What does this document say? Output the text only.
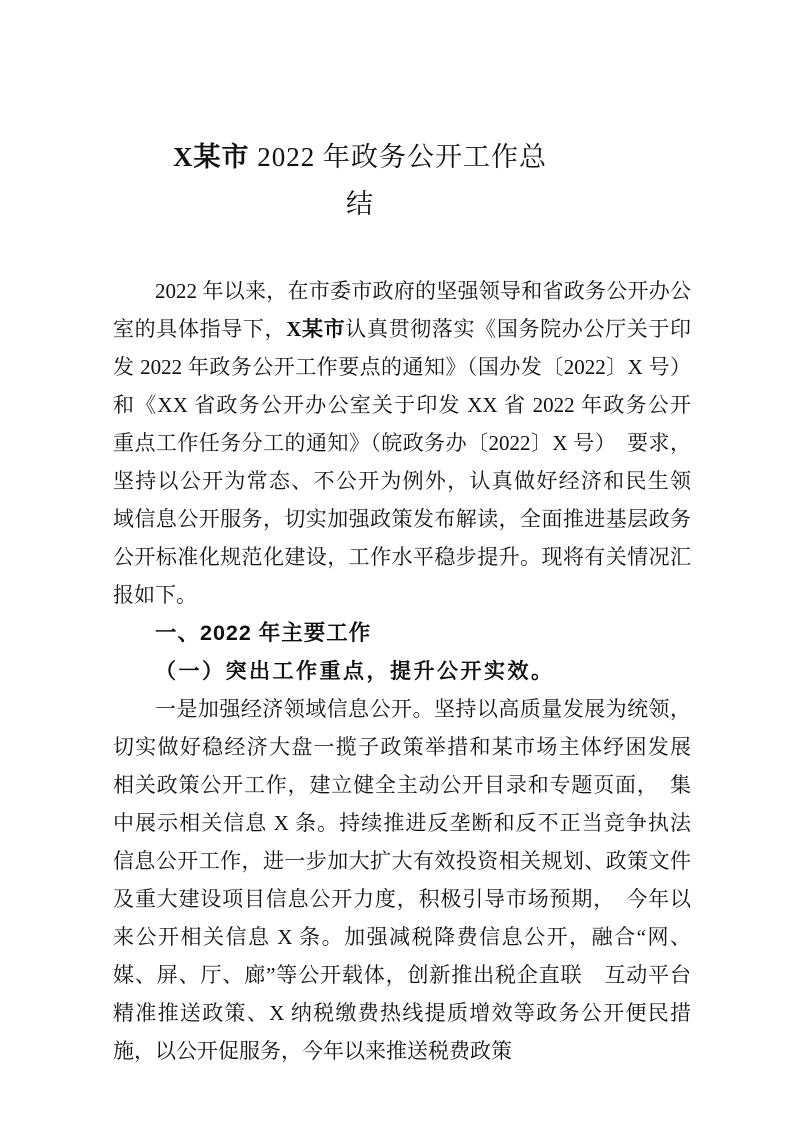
X某市 2022 年政务公开工作总
结
2022 年以来，在市委市政府的坚强领导和省政务公开办公
室的具体指导下，X某市认真贯彻落实《国务院办公厅关于印
发 2022 年政务公开工作要点的通知》（国办发〔2022〕X 号）
和《XX 省政务公开办公室关于印发 XX 省 2022 年政务公开
重点工作任务分工的通知》（皖政务办〔2022〕X 号）　要求，
坚持以公开为常态、不公开为例外，认真做好经济和民生领
域信息公开服务，切实加强政策发布解读，全面推进基层政务
公开标准化规范化建设，工作水平稳步提升。现将有关情况汇
报如下。
一、2022 年主要工作
（一）突出工作重点，提升公开实效。
一是加强经济领域信息公开。坚持以高质量发展为统领，
切实做好稳经济大盘一揽子政策举措和某市场主体纾困发展
相关政策公开工作，建立健全主动公开目录和专题页面，　集
中展示相关信息 X 条。持续推进反垄断和反不正当竞争执法
信息公开工作，进一步加大扩大有效投资相关规划、政策文件
及重大建设项目信息公开力度，积极引导市场预期，　今年以
来公开相关信息 X 条。加强减税降费信息公开，融合“网、
媒、屏、厅、廊”等公开载体，创新推出税企直联　互动平台
精准推送政策、X 纳税缴费热线提质增效等政务公开便民措
施，以公开促服务，今年以来推送税费政策
